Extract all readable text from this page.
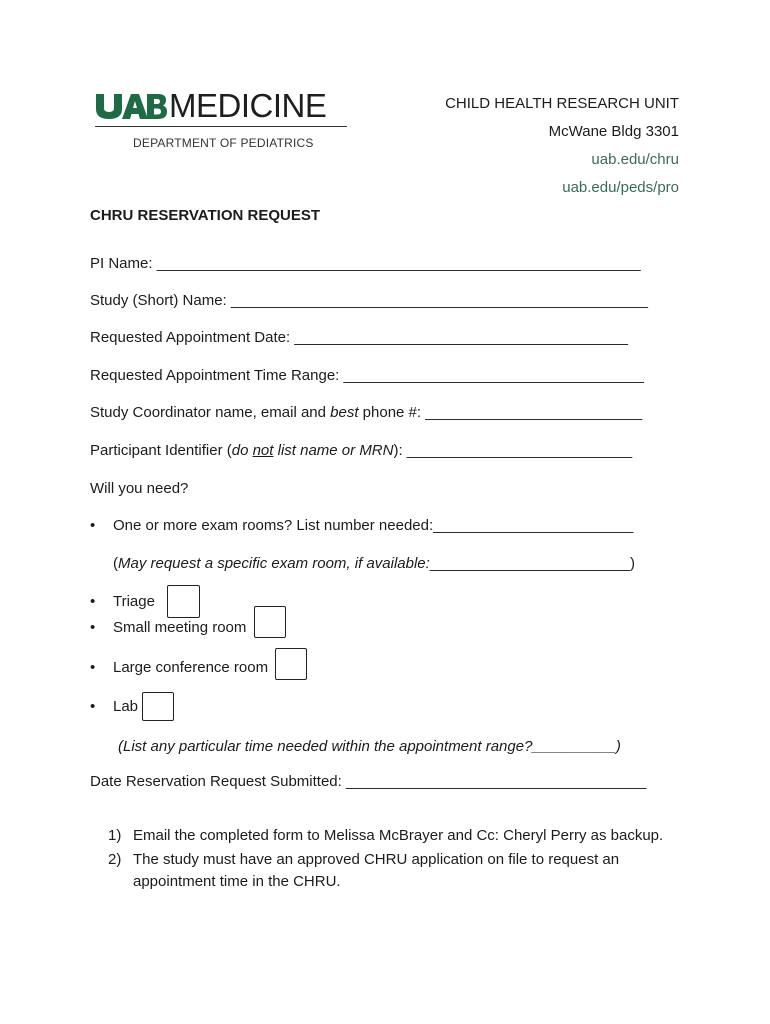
MEDICINE
DEPARTMENT OF PEDIATRICS
CHILD HEALTH RESEARCH UNIT
McWane Bldg 3301
uab.edu/chru
uab.edu/peds/pro
CHRU RESERVATION REQUEST
PI Name: __________________________________________________________
Study (Short) Name: __________________________________________________
Requested Appointment Date: ________________________________________
Requested Appointment Time Range: ____________________________________
Study Coordinator name, email and best phone #: __________________________
Participant Identifier (do not list name or MRN): ___________________________
Will you need?
•	One or more exam rooms? List number needed: ________________________
(May request a specific exam room, if available:________________________)
•	Triage
•	Small meeting room
•	Large conference room
•	Lab
(List any particular time needed within the appointment range?__________)
Date Reservation Request Submitted: ____________________________________
1) Email the completed form to Melissa McBrayer and Cc: Cheryl Perry as backup.
2) The study must have an approved CHRU application on file to request an appointment time in the CHRU.
